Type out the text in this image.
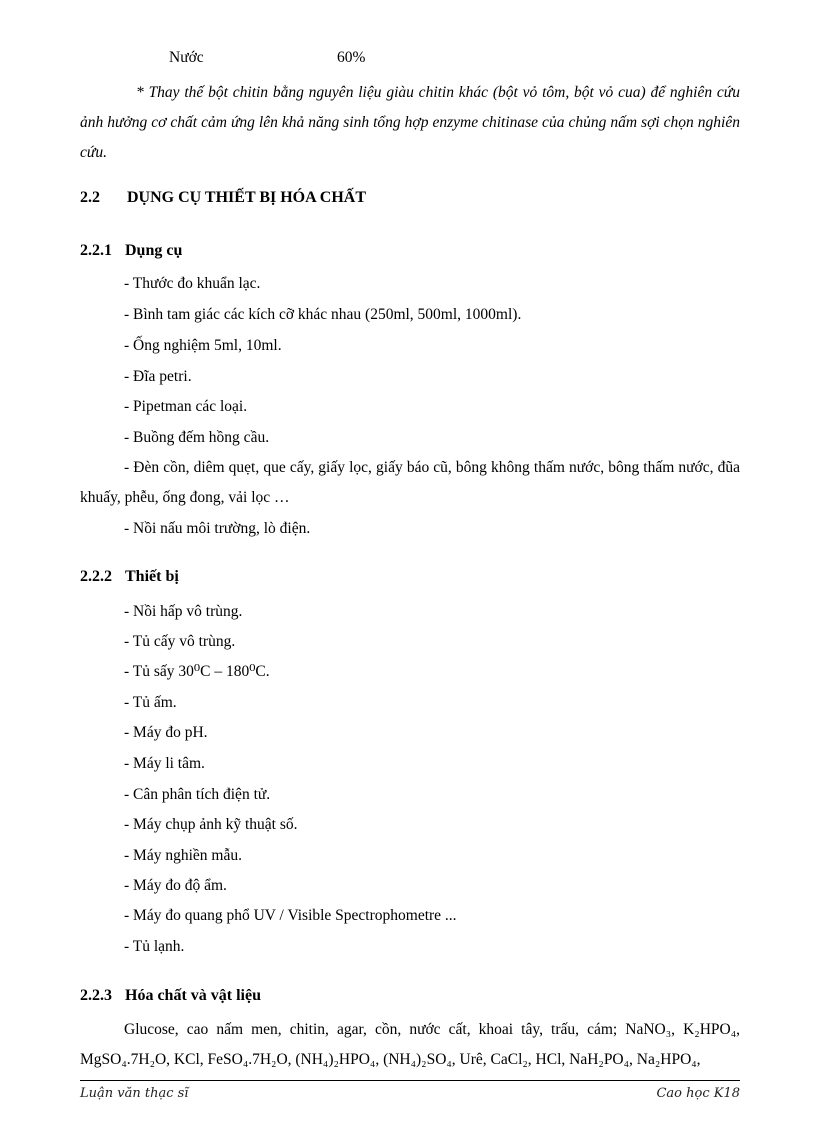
Nước	60%
* Thay thế bột chitin bằng nguyên liệu giàu chitin khác (bột vỏ tôm, bột vỏ cua) để nghiên cứu ảnh hưởng cơ chất cảm ứng lên khả năng sinh tổng hợp enzyme chitinase của chủng nấm sợi chọn nghiên cứu.
2.2 DỤNG CỤ THIẾT BỊ HÓA CHẤT
2.2.1 Dụng cụ
- Thước đo khuẩn lạc.
- Bình tam giác các kích cỡ khác nhau (250ml, 500ml, 1000ml).
- Ống nghiệm 5ml, 10ml.
- Đĩa petri.
- Pipetman các loại.
- Buồng đếm hồng cầu.
- Đèn cồn, diêm quẹt, que cấy, giấy lọc, giấy báo cũ, bông không thấm nước, bông thấm nước, đũa khuấy, phễu, ống đong, vải lọc …
- Nồi nấu môi trường, lò điện.
2.2.2 Thiết bị
- Nồi hấp vô trùng.
- Tủ cấy vô trùng.
- Tủ sấy 30⁰C – 180⁰C.
- Tủ ấm.
- Máy đo pH.
- Máy li tâm.
- Cân phân tích điện tử.
- Máy chụp ảnh kỹ thuật số.
- Máy nghiền mẫu.
- Máy đo độ ẩm.
- Máy đo quang phổ UV / Visible Spectrophometre ...
- Tủ lạnh.
2.2.3 Hóa chất và vật liệu
Glucose, cao nấm men, chitin, agar, cồn, nước cất, khoai tây, trấu, cám; NaNO₃, K₂HPO₄, MgSO₄.7H₂O, KCl, FeSO₄.7H₂O, (NH₄)₂HPO₄, (NH₄)₂SO₄, Urê, CaCl₂, HCl, NaH₂PO₄, Na₂HPO₄,
Luận văn thạc sĩ	Cao học K18
